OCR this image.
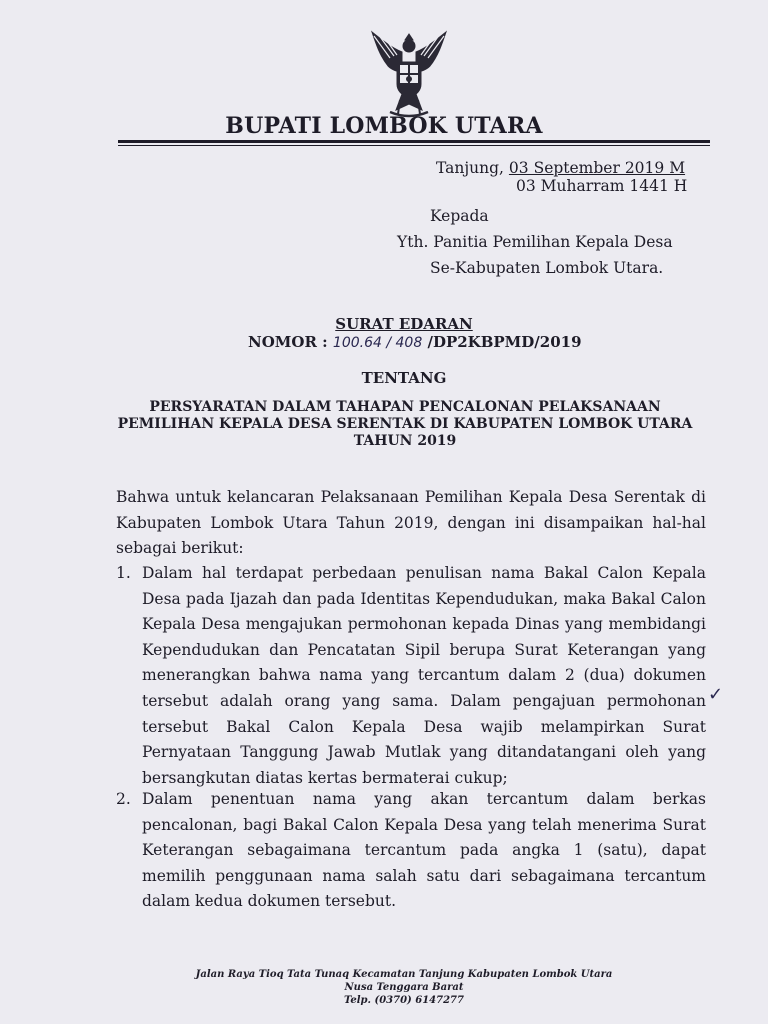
BUPATI LOMBOK UTARA
Tanjung, 03 September 2019 M
03 Muharram 1441 H
Kepada
Yth. Panitia Pemilihan Kepala Desa
Se-Kabupaten Lombok Utara.
SURAT EDARAN
NOMOR : 100.64 / 408 /DP2KBPMD/2019
TENTANG
PERSYARATAN DALAM TAHAPAN PENCALONAN PELAKSANAAN
PEMILIHAN KEPALA DESA SERENTAK DI KABUPATEN LOMBOK UTARA
TAHUN 2019
Bahwa untuk kelancaran Pelaksanaan Pemilihan Kepala Desa Serentak di Kabupaten Lombok Utara Tahun 2019, dengan ini disampaikan hal-hal sebagai berikut:
1. Dalam hal terdapat perbedaan penulisan nama Bakal Calon Kepala Desa pada Ijazah dan pada Identitas Kependudukan, maka Bakal Calon Kepala Desa mengajukan permohonan kepada Dinas yang membidangi Kependudukan dan Pencatatan Sipil berupa Surat Keterangan yang menerangkan bahwa nama yang tercantum dalam 2 (dua) dokumen tersebut adalah orang yang sama. Dalam pengajuan permohonan tersebut Bakal Calon Kepala Desa wajib melampirkan Surat Pernyataan Tanggung Jawab Mutlak yang ditandatangani oleh yang bersangkutan diatas kertas bermaterai cukup;
2. Dalam penentuan nama yang akan tercantum dalam berkas pencalonan, bagi Bakal Calon Kepala Desa yang telah menerima Surat Keterangan sebagaimana tercantum pada angka 1 (satu), dapat memilih penggunaan nama salah satu dari sebagaimana tercantum dalam kedua dokumen tersebut.
✓
Jalan Raya Tioq Tata Tunaq Kecamatan Tanjung Kabupaten Lombok Utara
Nusa Tenggara Barat
Telp. (0370) 6147277
